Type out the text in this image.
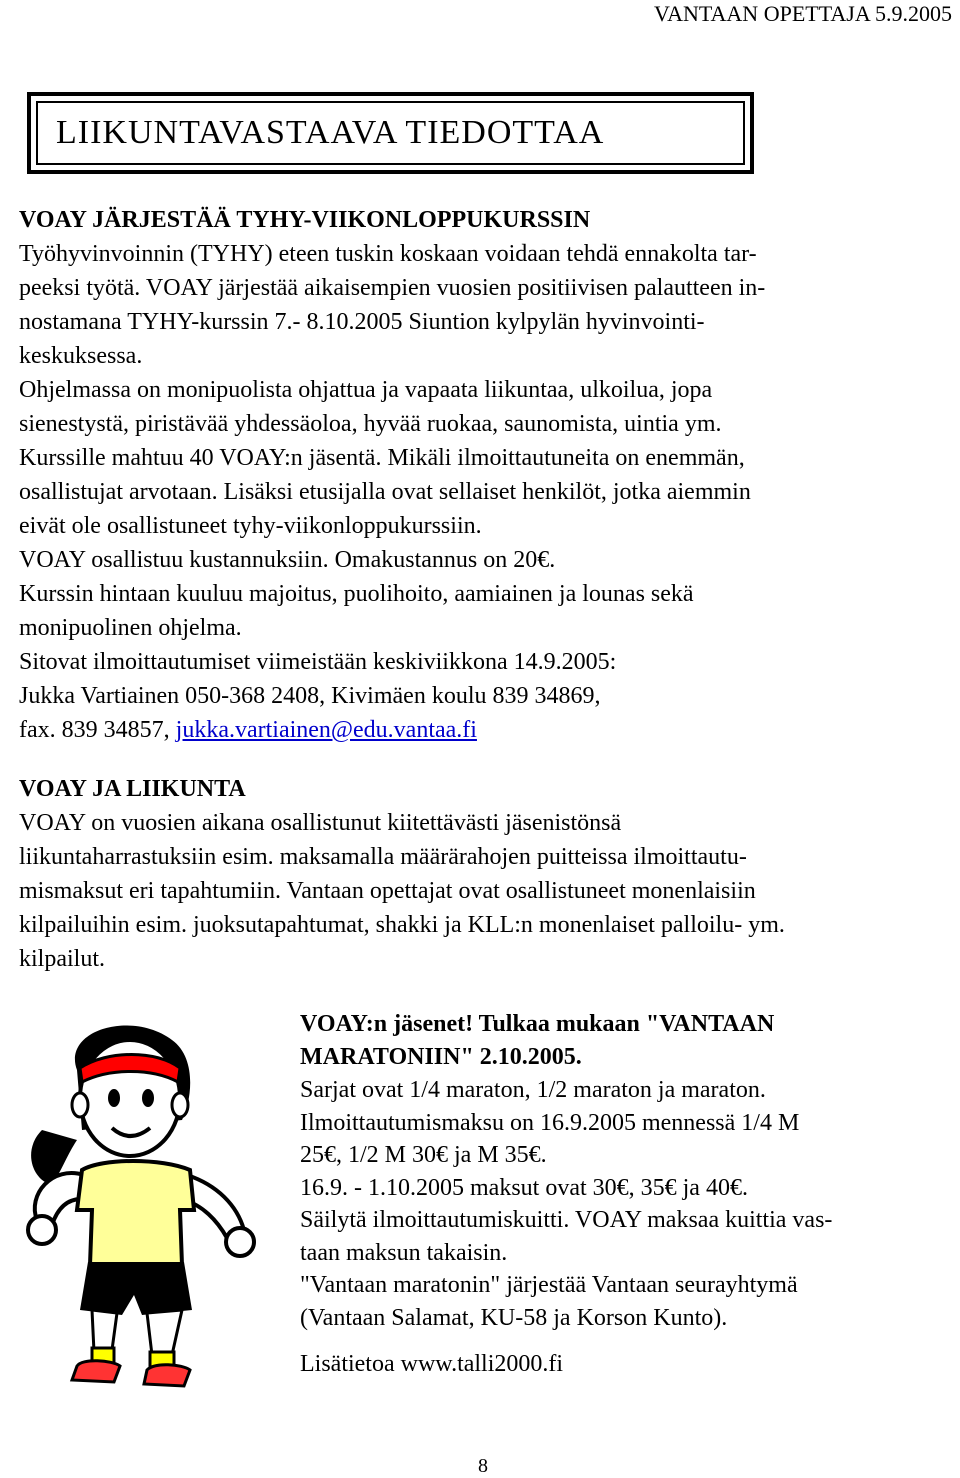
VANTAAN OPETTAJA 5.9.2005
LIIKUNTAVASTAAVA TIEDOTTAA

VOAY JÄRJESTÄÄ TYHY-VIIKONLOPPUKURSSIN

Työhyvinvoinnin (TYHY) eteen tuskin koskaan voidaan tehdä ennakolta tar-

peeksi työtä. VOAY järjestää aikaisempien vuosien positiivisen palautteen in-

nostamana TYHY-kurssin 7.- 8.10.2005 Siuntion kylpylän hyvinvointi-

keskuksessa.

Ohjelmassa on monipuolista ohjattua ja vapaata liikuntaa, ulkoilua, jopa

sienestystä, piristävää yhdessäoloa, hyvää ruokaa, saunomista, uintia ym.

Kurssille mahtuu 40 VOAY:n jäsentä. Mikäli ilmoittautuneita on enemmän,

osallistujat arvotaan. Lisäksi etusijalla ovat sellaiset henkilöt, jotka aiemmin

eivät ole osallistuneet tyhy-viikonloppukurssiin.

VOAY osallistuu kustannuksiin. Omakustannus on 20€.

Kurssin hintaan kuuluu majoitus, puolihoito, aamiainen ja lounas sekä

monipuolinen ohjelma.

Sitovat ilmoittautumiset viimeistään keskiviikkona 14.9.2005:

Jukka Vartiainen 050-368 2408, Kivimäen koulu 839 34869,

fax. 839 34857, jukka.vartiainen@edu.vantaa.fi

VOAY JA LIIKUNTA

VOAY on vuosien aikana osallistunut kiitettävästi jäsenistönsä

liikuntaharrastuksiin esim. maksamalla määrärahojen puitteissa ilmoittautu-

mismaksut eri tapahtumiin. Vantaan opettajat ovat osallistuneet monenlaisiin

kilpailuihin esim. juoksutapahtumat, shakki ja KLL:n monenlaiset palloilu- ym.

kilpailut.

VOAY:n jäsenet! Tulkaa mukaan "VANTAAN

MARATONIIN" 2.10.2005.

Sarjat ovat 1/4 maraton, 1/2 maraton ja maraton.

Ilmoittautumismaksu on 16.9.2005 mennessä 1/4 M

25€, 1/2 M 30€ ja M 35€.

16.9. - 1.10.2005 maksut ovat 30€, 35€ ja 40€.

Säilytä ilmoittautumiskuitti. VOAY maksaa kuittia vas-

taan maksun takaisin.

"Vantaan maratonin" järjestää Vantaan seurayhtymä

(Vantaan Salamat, KU-58 ja Korson Kunto).

Lisätietoa www.talli2000.fi

8
